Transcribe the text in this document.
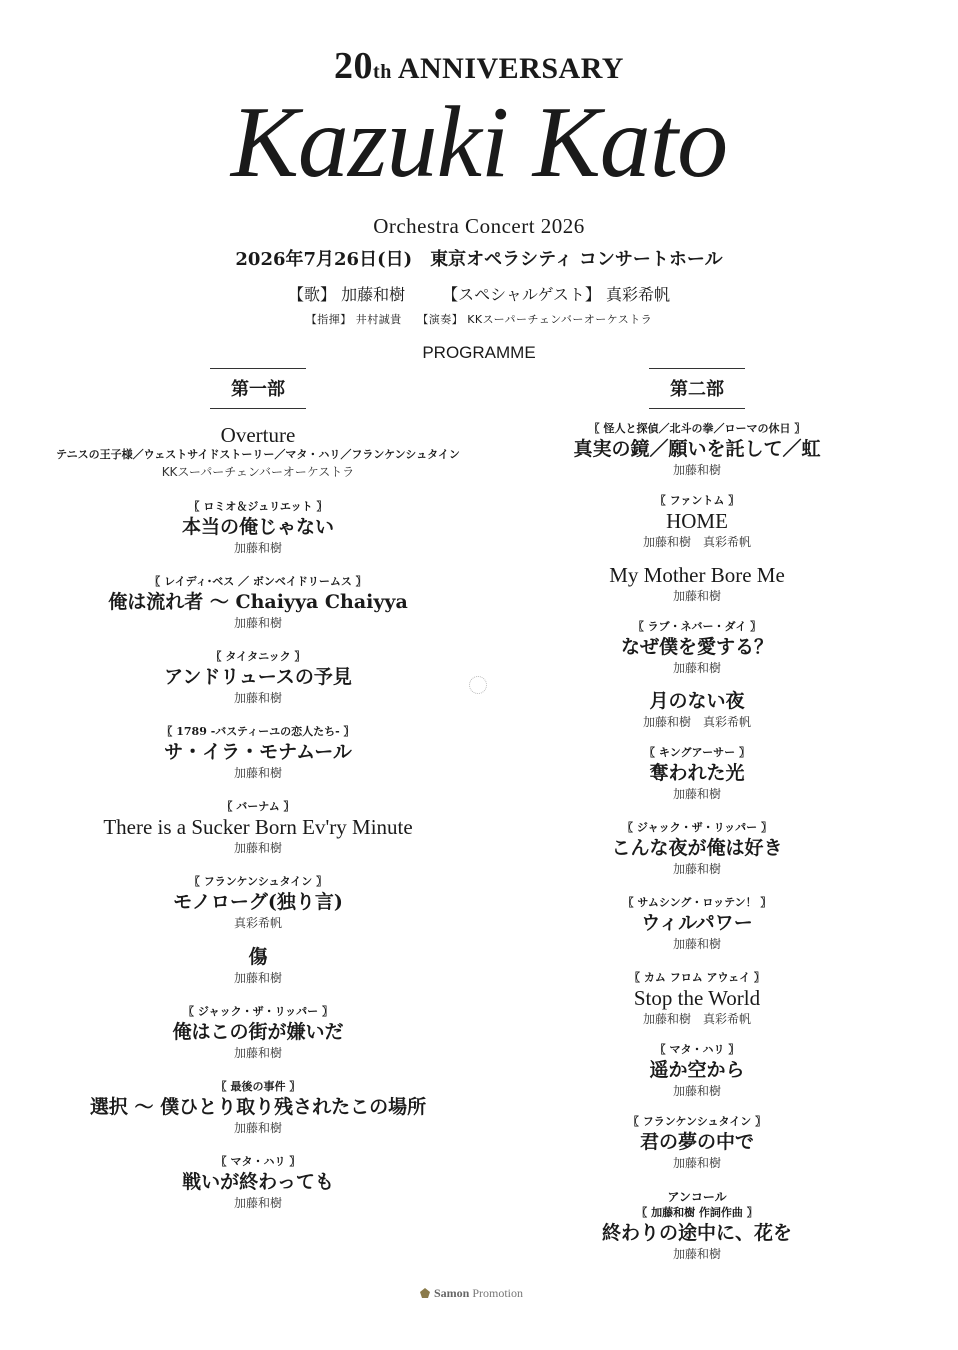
20th ANNIVERSARY
Kazuki Kato
Orchestra Concert 2026
2026年7月26日(日)　東京オペラシティ コンサートホール
【歌】 加藤和樹　　 【スペシャルゲスト】 真彩希帆
【指揮】 井村誠貴　 【演奏】 KKスーパーチェンバーオーケストラ
PROGRAMME
第一部
Overture
テニスの王子様／ウェストサイドストーリー／マタ・ハリ／フランケンシュタイン
KKスーパーチェンバーオーケストラ
〖 ロミオ＆ジュリエット 〗
本当の俺じゃない
加藤和樹
〖 レイディ･ベス ／ ボンベイドリームス 〗
俺は流れ者 ～ Chaiyya Chaiyya
加藤和樹
〖 タイタニック 〗
アンドリュースの予見
加藤和樹
〖 1789 -バスティーユの恋人たち- 〗
サ・イラ・モナムール
加藤和樹
〖 バーナム 〗
There is a Sucker Born Ev'ry Minute
加藤和樹
〖 フランケンシュタイン 〗
モノローグ(独り言)
真彩希帆
傷
加藤和樹
〖 ジャック・ザ・リッパー 〗
俺はこの街が嫌いだ
加藤和樹
〖 最後の事件 〗
選択 ～ 僕ひとり取り残されたこの場所
加藤和樹
〖 マタ・ハリ 〗
戦いが終わっても
加藤和樹
第二部
〖 怪人と探偵／北斗の拳／ローマの休日 〗
真実の鏡／願いを託して／虹
加藤和樹
〖 ファントム 〗
HOME
加藤和樹　真彩希帆
My Mother Bore Me
加藤和樹
〖 ラブ・ネバー・ダイ 〗
なぜ僕を愛する？
加藤和樹
月のない夜
加藤和樹　真彩希帆
〖 キングアーサー 〗
奪われた光
加藤和樹
〖 ジャック・ザ・リッパー 〗
こんな夜が俺は好き
加藤和樹
〖 サムシング・ロッテン！ 〗
ウィルパワー
加藤和樹
〖 カム フロム アウェイ 〗
Stop the World
加藤和樹　真彩希帆
〖 マタ・ハリ 〗
遥か空から
加藤和樹
〖 フランケンシュタイン 〗
君の夢の中で
加藤和樹
アンコール
〖 加藤和樹 作詞作曲 〗
終わりの途中に、花を
加藤和樹
Samon Promotion
